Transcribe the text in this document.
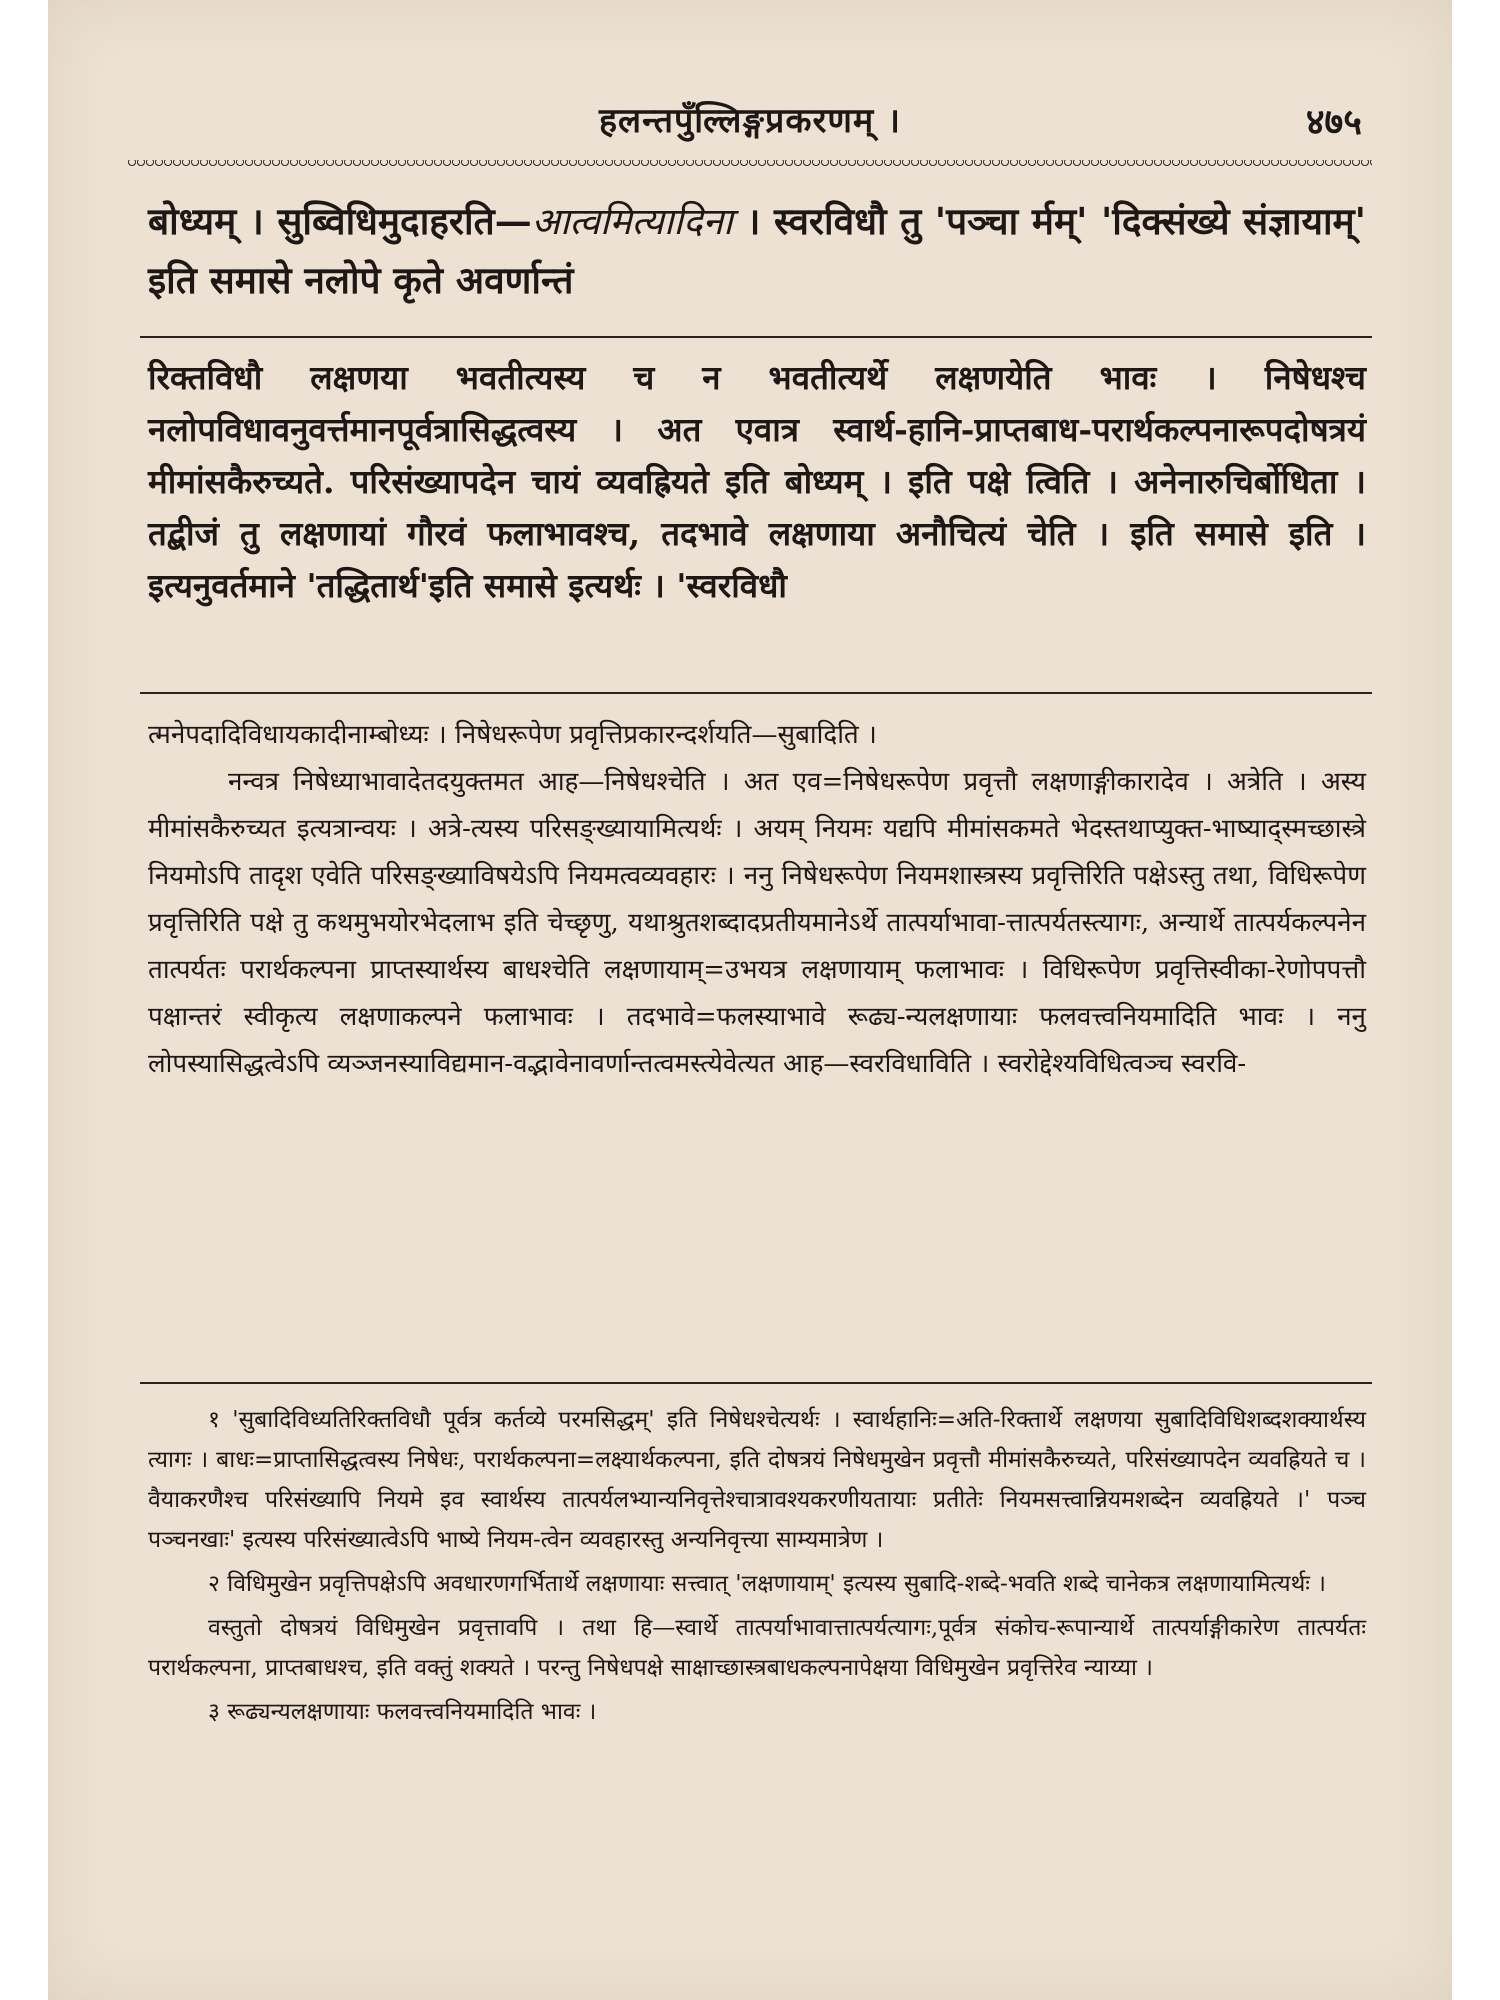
हलन्तपुँल्लिङ्गप्रकरणम् ।	४७५

बोध्यम् । सुब्विधिमुदाहरति—आत्वमित्यादिना । स्वरविधौ तु 'पञ्चा र्मम्' 'दिक्संख्ये संज्ञायाम्' इति समासे नलोपे कृते अवर्णान्तं

रिक्तविधौ लक्षणया भवतीत्यस्य च न भवतीत्यर्थे लक्षणयेति भावः । निषेधश्च नलोपविधावनुवर्त्तमानपूर्वत्रासिद्धत्वस्य । अत एवात्र स्वार्थ-हानि-प्राप्तबाध-परार्थकल्पनारूपदोषत्रयं मीमांसकैरुच्यते. परिसंख्यापदेन चायं व्यवह्रियते इति बोध्यम् । इति पक्षे त्विति । अनेनारुचिर्बोधिता । तद्बीजं तु लक्षणायां गौरवं फलाभावश्च, तदभावे लक्षणाया अनौचित्यं चेति । इति समासे इति । इत्यनुवर्तमाने 'तद्धितार्थ'इति समासे इत्यर्थः । 'स्वरविधौ

त्मनेपदादिविधायकादीनाम्बोध्यः । निषेधरूपेण प्रवृत्तिप्रकारन्दर्शयति—सुबादिति ।

नन्वत्र निषेध्याभावादेतदयुक्तमत आह—निषेधश्चेति । अत एव=निषेधरूपेण प्रवृत्तौ लक्षणाङ्गीकारादेव । अत्रेति । अस्य मीमांसकैरुच्यत इत्यत्रान्वयः । अत्रे-त्यस्य परिसङ्ख्यायामित्यर्थः । अयम् नियमः यद्यपि मीमांसकमते भेदस्तथाप्युक्त-भाष्याद्स्मच्छास्त्रे नियमोऽपि तादृश एवेति परिसङ्ख्याविषयेऽपि नियमत्वव्यवहारः । ननु निषेधरूपेण नियमशास्त्रस्य प्रवृत्तिरिति पक्षेऽस्तु तथा, विधिरूपेण प्रवृत्तिरिति पक्षे तु कथमुभयोरभेदलाभ इति चेच्छृणु, यथाश्रुतशब्दादप्रतीयमानेऽर्थे तात्पर्याभावा-त्तात्पर्यतस्त्यागः, अन्यार्थे तात्पर्यकल्पनेन तात्पर्यतः परार्थकल्पना प्राप्तस्यार्थस्य बाधश्चेति लक्षणायाम्=उभयत्र लक्षणायाम् फलाभावः । विधिरूपेण प्रवृत्तिस्वीका-रेणोपपत्तौ पक्षान्तरं स्वीकृत्य लक्षणाकल्पने फलाभावः । तदभावे=फलस्याभावे रूढ्य-न्यलक्षणायाः फलवत्त्वनियमादिति भावः । ननु लोपस्यासिद्धत्वेऽपि व्यञ्जनस्याविद्यमान-वद्भावेनावर्णान्तत्वमस्त्येवेत्यत आह—स्वरविधाविति । स्वरोद्देश्यविधित्वञ्च स्वरवि-

१ 'सुबादिविध्यतिरिक्तविधौ पूर्वत्र कर्तव्ये परमसिद्धम्' इति निषेधश्चेत्यर्थः । स्वार्थहानिः=अति-रिक्तार्थे लक्षणया सुबादिविधिशब्दशक्यार्थस्य त्यागः । बाधः=प्राप्तासिद्धत्वस्य निषेधः, परार्थकल्पना=लक्ष्यार्थकल्पना, इति दोषत्रयं निषेधमुखेन प्रवृत्तौ मीमांसकैरुच्यते, परिसंख्यापदेन व्यवह्रियते च । वैयाकरणैश्च परिसंख्यापि नियमे इव स्वार्थस्य तात्पर्यलभ्यान्यनिवृत्तेश्चात्रावश्यकरणीयतायाः प्रतीतेः नियमसत्त्वान्नियमशब्देन व्यवह्रियते ।' पञ्च पञ्चनखाः' इत्यस्य परिसंख्यात्वेऽपि भाष्ये नियम-त्वेन व्यवहारस्तु अन्यनिवृत्त्या साम्यमात्रेण ।

२ विधिमुखेन प्रवृत्तिपक्षेऽपि अवधारणगर्भितार्थे लक्षणायाः सत्त्वात् 'लक्षणायाम्' इत्यस्य सुबादि-शब्दे-भवति शब्दे चानेकत्र लक्षणायामित्यर्थः ।

वस्तुतो दोषत्रयं विधिमुखेन प्रवृत्तावपि । तथा हि—स्वार्थे तात्पर्याभावात्तात्पर्यत्यागः,पूर्वत्र संकोच-रूपान्यार्थे तात्पर्याङ्गीकारेण तात्पर्यतः परार्थकल्पना, प्राप्तबाधश्च, इति वक्तुं शक्यते । परन्तु निषेधपक्षे साक्षाच्छास्त्रबाधकल्पनापेक्षया विधिमुखेन प्रवृत्तिरेव न्याय्या ।

३ रूढ्यन्यलक्षणायाः फलवत्त्वनियमादिति भावः ।
